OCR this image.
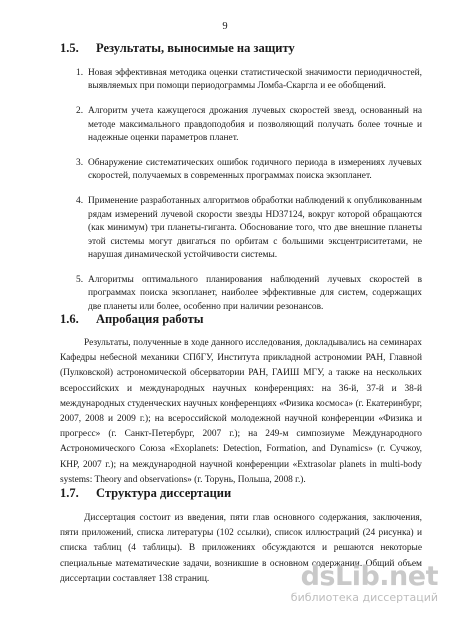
9
1.5. Результаты, выносимые на защиту
1. Новая эффективная методика оценки статистической значимости периодичностей, выявляемых при помощи периодограммы Ломба-Скаргла и ее обобщений.
2. Алгоритм учета кажущегося дрожания лучевых скоростей звезд, основанный на методе максимального правдоподобия и позволяющий получать более точные и надежные оценки параметров планет.
3. Обнаружение систематических ошибок годичного периода в измерениях лучевых скоростей, получаемых в современных программах поиска экзопланет.
4. Применение разработанных алгоритмов обработки наблюдений к опубликованным рядам измерений лучевой скорости звезды HD37124, вокруг которой обращаются (как минимум) три планеты-гиганта. Обоснование того, что две внешние планеты этой системы могут двигаться по орбитам с большими эксцентриситетами, не нарушая динамической устойчивости системы.
5. Алгоритмы оптимального планирования наблюдений лучевых скоростей в программах поиска экзопланет, наиболее эффективные для систем, содержащих две планеты или более, особенно при наличии резонансов.
1.6. Апробация работы

Результаты, полученные в ходе данного исследования, докладывались на семинарах Кафедры небесной механики СПбГУ, Института прикладной астрономии РАН, Главной (Пулковской) астрономической обсерватории РАН, ГАИШ МГУ, а также на нескольких всероссийских и международных научных конференциях: на 36-й, 37-й и 38-й международных студенческих научных конференциях «Физика космоса» (г. Екатеринбург, 2007, 2008 и 2009 г.); на всероссийской молодежной научной конференции «Физика и прогресс» (г. Санкт-Петербург, 2007 г.); на 249-м симпозиуме Международного Астрономического Союза «Exoplanets: Detection, Formation, and Dynamics» (г. Сучжоу, КНР, 2007 г.); на международной научной конференции «Extrasolar planets in multi-body systems: Theory and observations» (г. Торунь, Польша, 2008 г.).

1.7. Структура диссертации

Диссертация состоит из введения, пяти глав основного содержания, заключения, пяти приложений, списка литературы (102 ссылки), список иллюстраций (24 рисунка) и списка таблиц (4 таблицы). В приложениях обсуждаются и решаются некоторые специальные математические задачи, возникшие в основном содержании. Общий объем диссертации составляет 138 страниц.	dsLib.net
библиотека диссертаций
